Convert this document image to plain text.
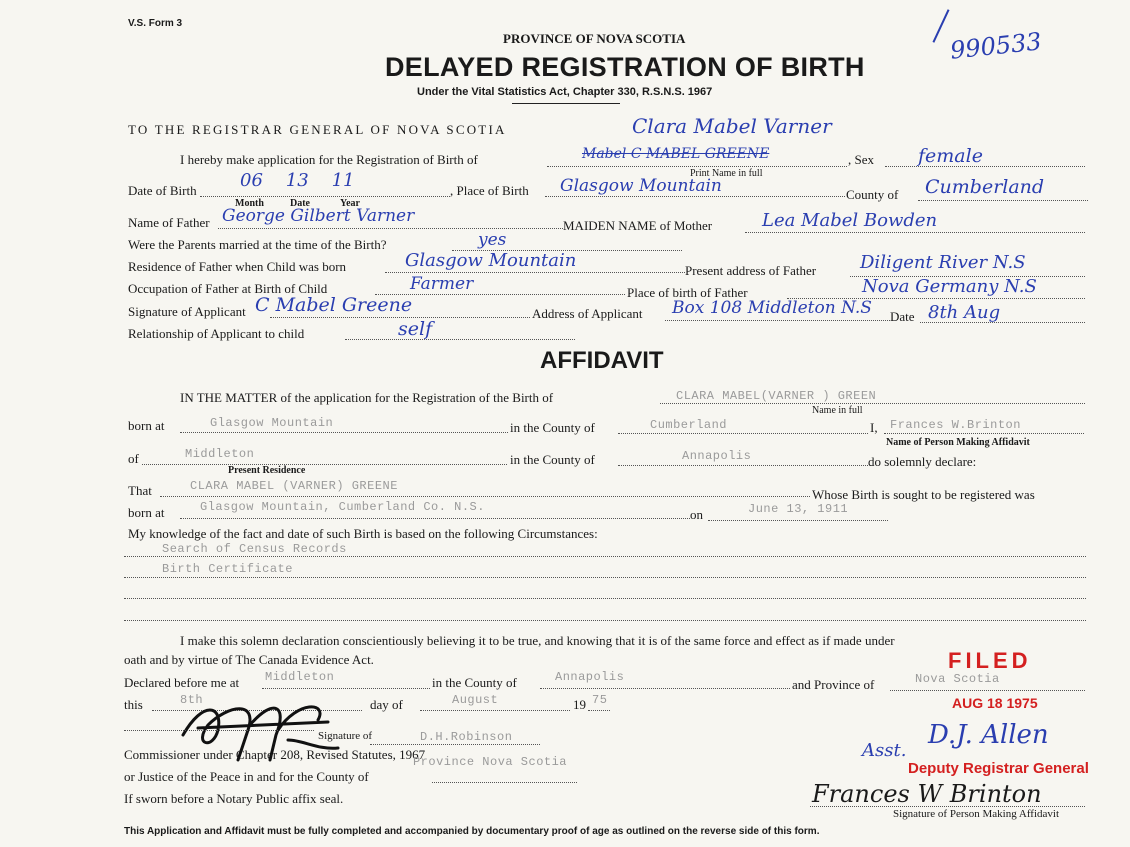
V.S. Form 3
PROVINCE OF NOVA SCOTIA
DELAYED REGISTRATION OF BIRTH
Under the Vital Statistics Act, Chapter 330, R.S.N.S. 1967
990533
TO THE REGISTRAR GENERAL OF NOVA SCOTIA	Clara Mabel Varner
I hereby make application for the Registration of Birth of	Mabel C MABEL GREENE
Print Name in full
, Sex female
Date of Birth 06    13    11
Month	Date	Year
, Place of Birth Glasgow Mountain	County of Cumberland
Name of Father George Gilbert Varner	MAIDEN NAME of Mother	Lea Mabel Bowden
Were the Parents married at the time of the Birth?	yes
Residence of Father when Child was born	Glasgow Mountain	Present address of Father Diligent River N.S
Occupation of Father at Birth of Child	Farmer	Place of birth of Father	Nova Germany N.S
Signature of Applicant C Mabel Greene	Address of Applicant Box 108 Middleton N.S Date 8th Aug
Relationship of Applicant to child	self
AFFIDAVIT
IN THE MATTER of the application for the Registration of the Birth of	CLARA MABEL(VARNER ) GREEN
Name in full
born at	Glasgow Mountain	in the County of	Cumberland	I, Frances W.Brinton
Name of Person Making Affidavit
of	Middleton
Present Residence
in the County of	Annapolis	do solemnly declare:
That	CLARA MABEL (VARNER) GREENE
Whose Birth is sought to be registered was
born at	Glasgow Mountain, Cumberland Co. N.S.	on	June 13, 1911
My knowledge of the fact and date of such Birth is based on the following Circumstances:
Search of Census Records
Birth Certificate
I make this solemn declaration conscientiously believing it to be true, and knowing that it is of the same force and effect as if made under
oath and by virtue of The Canada Evidence Act.
Declared before me at Middleton	in the County of	Annapolis	and Province of	Nova Scotia
this	8th	day of	August	19 75
Signature of	D.H.Robinson
Commissioner under Chapter 208, Revised Statutes, 1967
or Justice of the Peace in and for the County of
Province Nova Scotia
If sworn before a Notary Public affix seal.
FILED
AUG 18 1975
D.J. Allen
Asst.
Deputy Registrar General
Frances W Brinton
Signature of Person Making Affidavit
This Application and Affidavit must be fully completed and accompanied by documentary proof of age as outlined on the reverse side of this form.
